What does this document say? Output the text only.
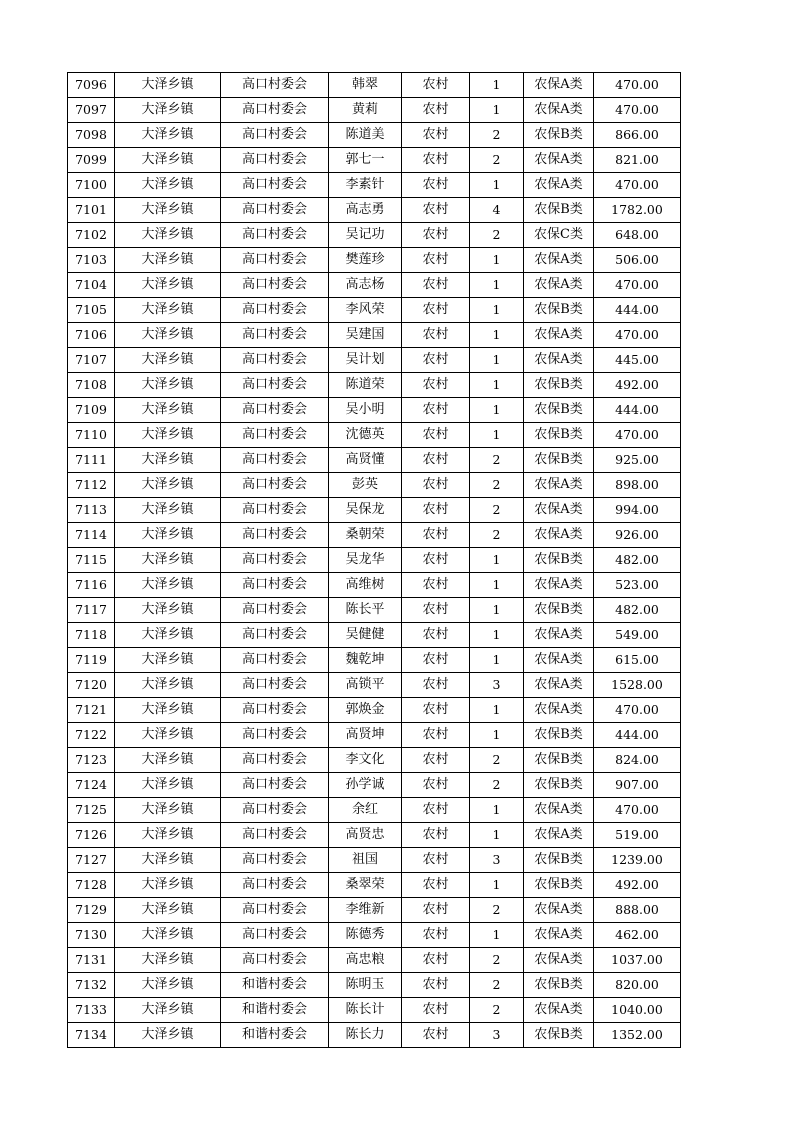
7096	大泽乡镇	高口村委会	韩翠	农村	1	农保A类	470.00
7097	大泽乡镇	高口村委会	黄莉	农村	1	农保A类	470.00
7098	大泽乡镇	高口村委会	陈道美	农村	2	农保B类	866.00
7099	大泽乡镇	高口村委会	郭七一	农村	2	农保A类	821.00
7100	大泽乡镇	高口村委会	李素针	农村	1	农保A类	470.00
7101	大泽乡镇	高口村委会	高志勇	农村	4	农保B类	1782.00
7102	大泽乡镇	高口村委会	吴记功	农村	2	农保C类	648.00
7103	大泽乡镇	高口村委会	樊莲珍	农村	1	农保A类	506.00
7104	大泽乡镇	高口村委会	高志杨	农村	1	农保A类	470.00
7105	大泽乡镇	高口村委会	李风荣	农村	1	农保B类	444.00
7106	大泽乡镇	高口村委会	吴建国	农村	1	农保A类	470.00
7107	大泽乡镇	高口村委会	吴计划	农村	1	农保A类	445.00
7108	大泽乡镇	高口村委会	陈道荣	农村	1	农保B类	492.00
7109	大泽乡镇	高口村委会	吴小明	农村	1	农保B类	444.00
7110	大泽乡镇	高口村委会	沈德英	农村	1	农保B类	470.00
7111	大泽乡镇	高口村委会	高贤懂	农村	2	农保B类	925.00
7112	大泽乡镇	高口村委会	彭英	农村	2	农保A类	898.00
7113	大泽乡镇	高口村委会	吴保龙	农村	2	农保A类	994.00
7114	大泽乡镇	高口村委会	桑朝荣	农村	2	农保A类	926.00
7115	大泽乡镇	高口村委会	吴龙华	农村	1	农保B类	482.00
7116	大泽乡镇	高口村委会	高维树	农村	1	农保A类	523.00
7117	大泽乡镇	高口村委会	陈长平	农村	1	农保B类	482.00
7118	大泽乡镇	高口村委会	吴健健	农村	1	农保A类	549.00
7119	大泽乡镇	高口村委会	魏乾坤	农村	1	农保A类	615.00
7120	大泽乡镇	高口村委会	高锁平	农村	3	农保A类	1528.00
7121	大泽乡镇	高口村委会	郭焕金	农村	1	农保A类	470.00
7122	大泽乡镇	高口村委会	高贤坤	农村	1	农保B类	444.00
7123	大泽乡镇	高口村委会	李文化	农村	2	农保B类	824.00
7124	大泽乡镇	高口村委会	孙学诚	农村	2	农保B类	907.00
7125	大泽乡镇	高口村委会	余红	农村	1	农保A类	470.00
7126	大泽乡镇	高口村委会	高贤忠	农村	1	农保A类	519.00
7127	大泽乡镇	高口村委会	祖国	农村	3	农保B类	1239.00
7128	大泽乡镇	高口村委会	桑翠荣	农村	1	农保B类	492.00
7129	大泽乡镇	高口村委会	李维新	农村	2	农保A类	888.00
7130	大泽乡镇	高口村委会	陈德秀	农村	1	农保A类	462.00
7131	大泽乡镇	高口村委会	高忠粮	农村	2	农保A类	1037.00
7132	大泽乡镇	和谐村委会	陈明玉	农村	2	农保B类	820.00
7133	大泽乡镇	和谐村委会	陈长计	农村	2	农保A类	1040.00
7134	大泽乡镇	和谐村委会	陈长力	农村	3	农保B类	1352.00
